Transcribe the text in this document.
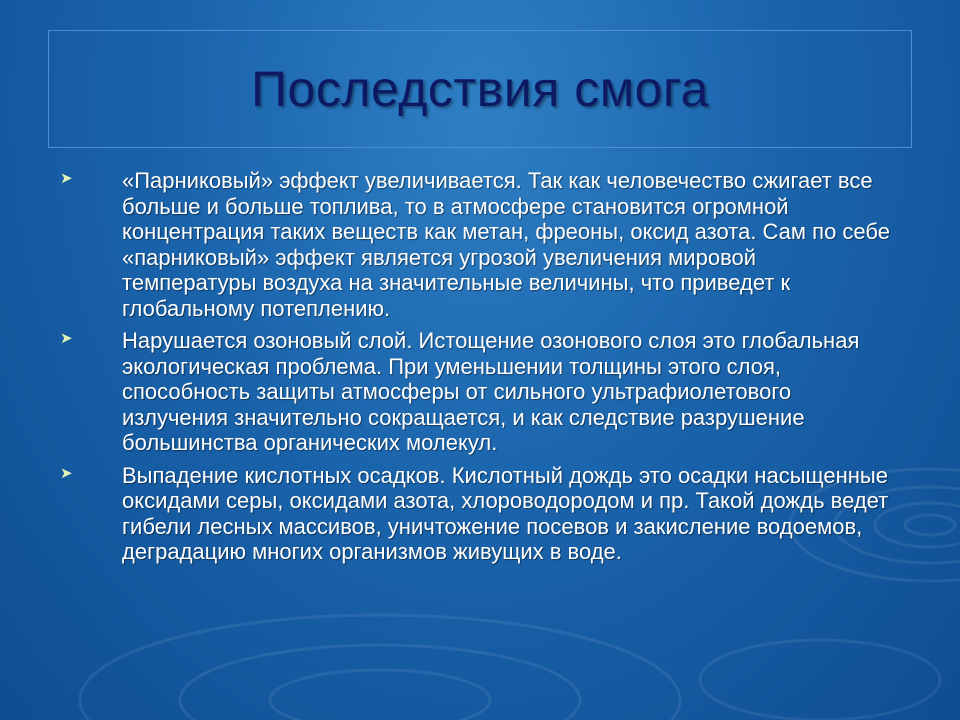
Последствия смога
➤ «Парниковый» эффект увеличивается. Так как человечество сжигает все больше и больше топлива, то в атмосфере становится огромной концентрация таких веществ как метан, фреоны, оксид азота. Сам по себе «парниковый» эффект является угрозой увеличения мировой температуры воздуха на значительные величины, что приведет к глобальному потеплению.
➤ Нарушается озоновый слой. Истощение озонового слоя это глобальная экологическая проблема. При уменьшении толщины этого слоя, способность защиты атмосферы от сильного ультрафиолетового излучения значительно сокращается, и как следствие разрушение большинства органических молекул.
➤ Выпадение кислотных осадков. Кислотный дождь это осадки насыщенные оксидами серы, оксидами азота, хлороводородом и пр. Такой дождь ведет гибели лесных массивов, уничтожение посевов и закисление водоемов, деградацию многих организмов живущих в воде.
